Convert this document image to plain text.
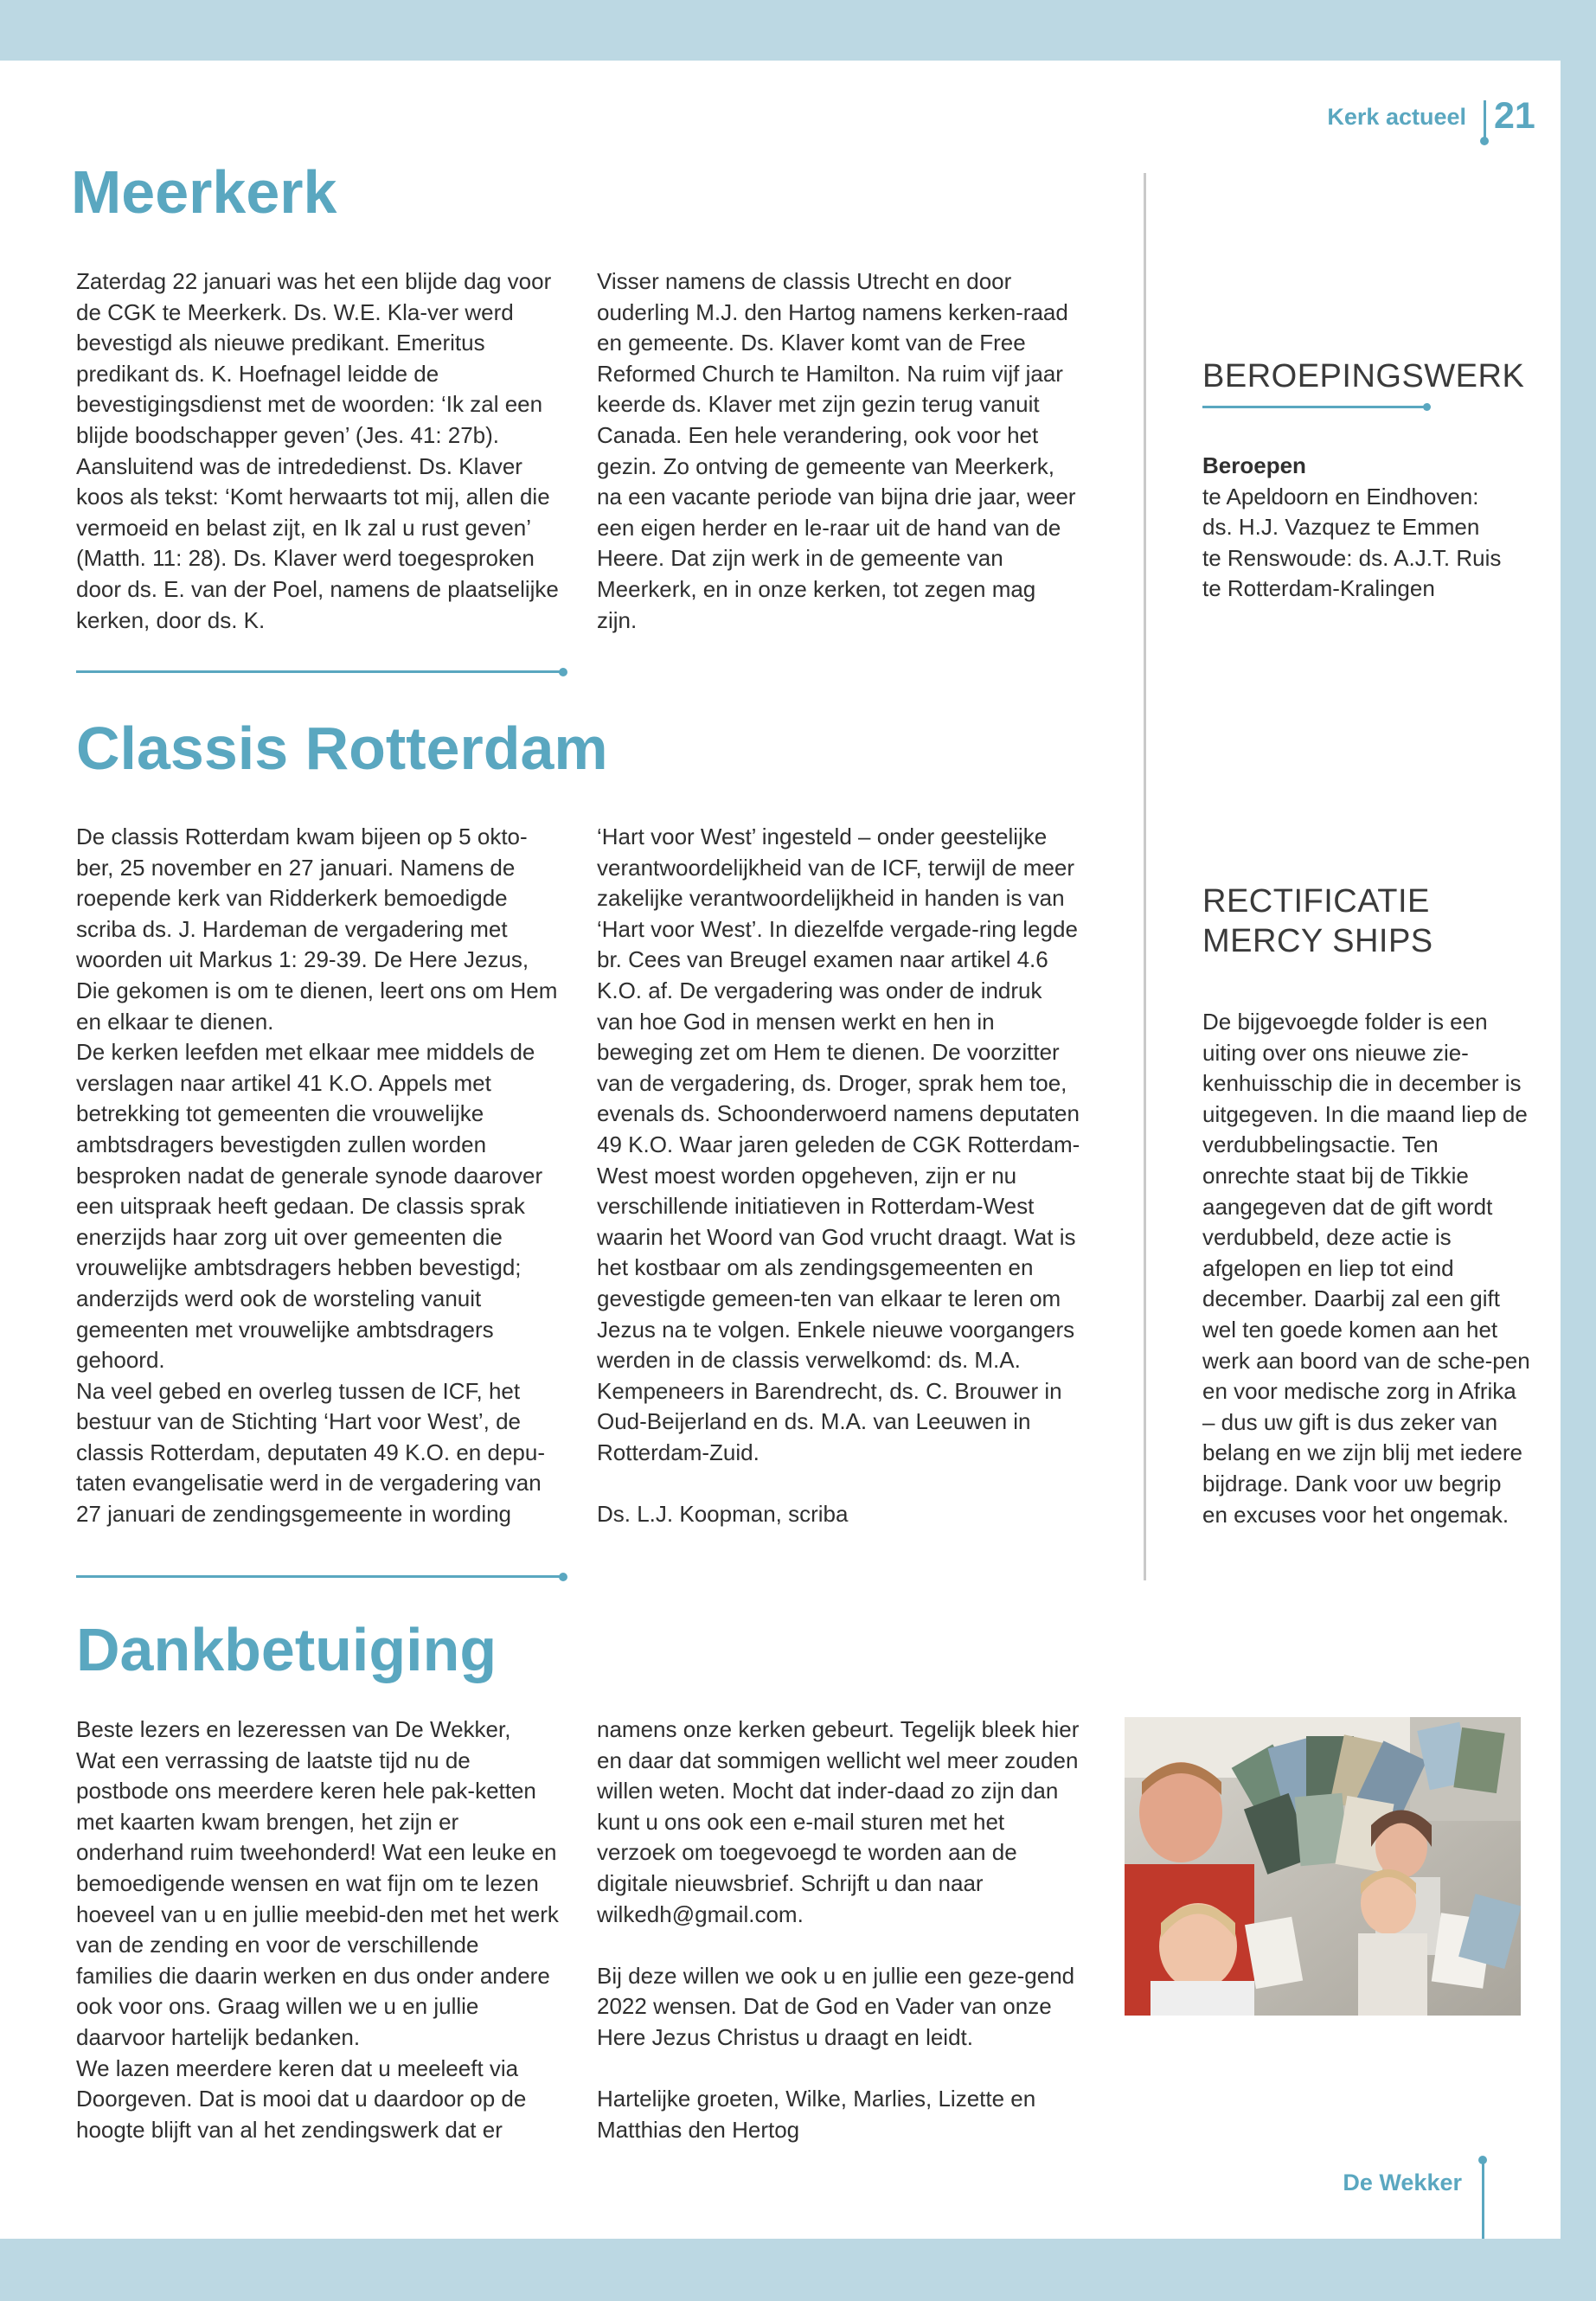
Kerk actueel 21
Meerkerk

Zaterdag 22 januari was het een blijde dag voor de CGK te Meerkerk. Ds. W.E. Kla-ver werd bevestigd als nieuwe predikant. Emeritus predikant ds. K. Hoefnagel leidde de bevestigingsdienst met de woorden: ‘Ik zal een blijde boodschapper geven’ (Jes. 41: 27b). Aansluitend was de intrededienst. Ds. Klaver koos als tekst: ‘Komt herwaarts tot mij, allen die vermoeid en belast zijt, en Ik zal u rust geven’ (Matth. 11: 28). Ds. Klaver werd toegesproken door ds. E. van der Poel, namens de plaatselijke kerken, door ds. K.

Visser namens de classis Utrecht en door ouderling M.J. den Hartog namens kerken-raad en gemeente. Ds. Klaver komt van de Free Reformed Church te Hamilton. Na ruim vijf jaar keerde ds. Klaver met zijn gezin terug vanuit Canada. Een hele verandering, ook voor het gezin. Zo ontving de gemeente van Meerkerk, na een vacante periode van bijna drie jaar, weer een eigen herder en le-raar uit de hand van de Heere. Dat zijn werk in de gemeente van Meerkerk, en in onze kerken, tot zegen mag zijn.

Classis Rotterdam

De classis Rotterdam kwam bijeen op 5 okto-ber, 25 november en 27 januari. Namens de roepende kerk van Ridderkerk bemoedigde scriba ds. J. Hardeman de vergadering met woorden uit Markus 1: 29-39. De Here Jezus, Die gekomen is om te dienen, leert ons om Hem en elkaar te dienen.

De kerken leefden met elkaar mee middels de verslagen naar artikel 41 K.O. Appels met betrekking tot gemeenten die vrouwelijke ambtsdragers bevestigden zullen worden besproken nadat de generale synode daarover een uitspraak heeft gedaan. De classis sprak enerzijds haar zorg uit over gemeenten die vrouwelijke ambtsdragers hebben bevestigd; anderzijds werd ook de worsteling vanuit gemeenten met vrouwelijke ambtsdragers gehoord.

Na veel gebed en overleg tussen de ICF, het bestuur van de Stichting ‘Hart voor West’, de classis Rotterdam, deputaten 49 K.O. en depu-taten evangelisatie werd in de vergadering van 27 januari de zendingsgemeente in wording

‘Hart voor West’ ingesteld – onder geestelijke verantwoordelijkheid van de ICF, terwijl de meer zakelijke verantwoordelijkheid in handen is van ‘Hart voor West’. In diezelfde vergade-ring legde br. Cees van Breugel examen naar artikel 4.6 K.O. af. De vergadering was onder de indruk van hoe God in mensen werkt en hen in beweging zet om Hem te dienen. De voorzitter van de vergadering, ds. Droger, sprak hem toe, evenals ds. Schoonderwoerd namens deputaten 49 K.O. Waar jaren geleden de CGK Rotterdam-West moest worden opgeheven, zijn er nu verschillende initiatieven in Rotterdam-West waarin het Woord van God vrucht draagt. Wat is het kostbaar om als zendingsgemeenten en gevestigde gemeen-ten van elkaar te leren om Jezus na te volgen. Enkele nieuwe voorgangers werden in de classis verwelkomd: ds. M.A. Kempeneers in Barendrecht, ds. C. Brouwer in Oud-Beijerland en ds. M.A. van Leeuwen in Rotterdam-Zuid.

Ds. L.J. Koopman, scriba

BEROEPINGSWERK

Beroepen

te Apeldoorn en Eindhoven:

ds. H.J. Vazquez te Emmen

te Renswoude: ds. A.J.T. Ruis

te Rotterdam-Kralingen

RECTIFICATIE
MERCY SHIPS

De bijgevoegde folder is een uiting over ons nieuwe zie-kenhuisschip die in december is uitgegeven. In die maand liep de verdubbelingsactie. Ten onrechte staat bij de Tikkie aangegeven dat de gift wordt verdubbeld, deze actie is afgelopen en liep tot eind december. Daarbij zal een gift wel ten goede komen aan het werk aan boord van de sche-pen en voor medische zorg in Afrika – dus uw gift is dus zeker van belang en we zijn blij met iedere bijdrage. Dank voor uw begrip en excuses voor het ongemak.

Dankbetuiging

Beste lezers en lezeressen van De Wekker,

Wat een verrassing de laatste tijd nu de postbode ons meerdere keren hele pak-ketten met kaarten kwam brengen, het zijn er onderhand ruim tweehonderd! Wat een leuke en bemoedigende wensen en wat fijn om te lezen hoeveel van u en jullie meebid-den met het werk van de zending en voor de verschillende families die daarin werken en dus onder andere ook voor ons. Graag willen we u en jullie daarvoor hartelijk bedanken.

We lazen meerdere keren dat u meeleeft via Doorgeven. Dat is mooi dat u daardoor op de hoogte blijft van al het zendingswerk dat er

namens onze kerken gebeurt. Tegelijk bleek hier en daar dat sommigen wellicht wel meer zouden willen weten. Mocht dat inder-daad zo zijn dan kunt u ons ook een e-mail sturen met het verzoek om toegevoegd te worden aan de digitale nieuwsbrief. Schrijft u dan naar wilkedh@gmail.com.

Bij deze willen we ook u en jullie een geze-gend 2022 wensen. Dat de God en Vader van onze Here Jezus Christus u draagt en leidt.

Hartelijke groeten, Wilke, Marlies, Lizette en Matthias den Hertog

De Wekker
